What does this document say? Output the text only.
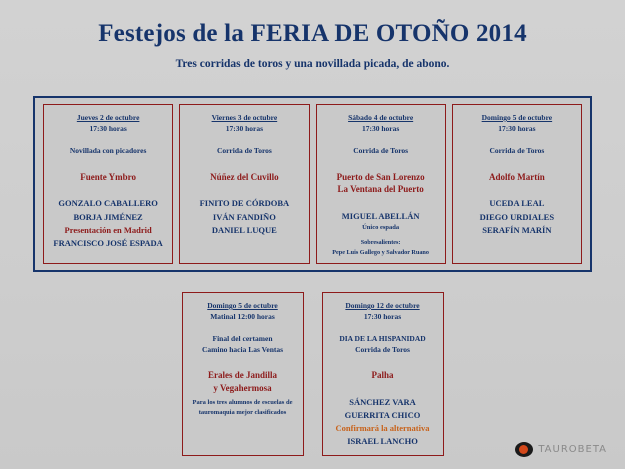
Festejos de la FERIA DE OTOÑO 2014
Tres corridas de toros y una novillada picada, de abono.
Jueves 2 de octubre
17:30 horas
Novillada con picadores
Fuente Ymbro
GONZALO CABALLERO
BORJA JIMÉNEZ
Presentación en Madrid
FRANCISCO JOSÉ ESPADA
Viernes 3 de octubre
17:30 horas
Corrida de Toros
Núñez del Cuvillo
FINITO DE CÓRDOBA
IVÁN FANDIÑO
DANIEL LUQUE
Sábado 4 de octubre
17:30 horas
Corrida de Toros
Puerto de San Lorenzo
La Ventana del Puerto
MIGUEL ABELLÁN
Único espada
Sobresalientes:
Pepe Luis Gallego y Salvador Ruano
Domingo 5 de octubre
17:30 horas
Corrida de Toros
Adolfo Martín
UCEDA LEAL
DIEGO URDIALES
SERAFÍN MARÍN
Domingo 5 de octubre
Matinal 12:00 horas
Final del certamen
Camino hacia Las Ventas
Erales de Jandilla
y Vegahermosa
Para los tres alumnos de escuelas de tauromaquia mejor clasificados
Domingo 12 de octubre
17:30 horas
DIA DE LA HISPANIDAD
Corrida de Toros
Palha
SÁNCHEZ VARA
GUERRITA CHICO
Confirmará la alternativa
ISRAEL LANCHO
TAUROBETA
